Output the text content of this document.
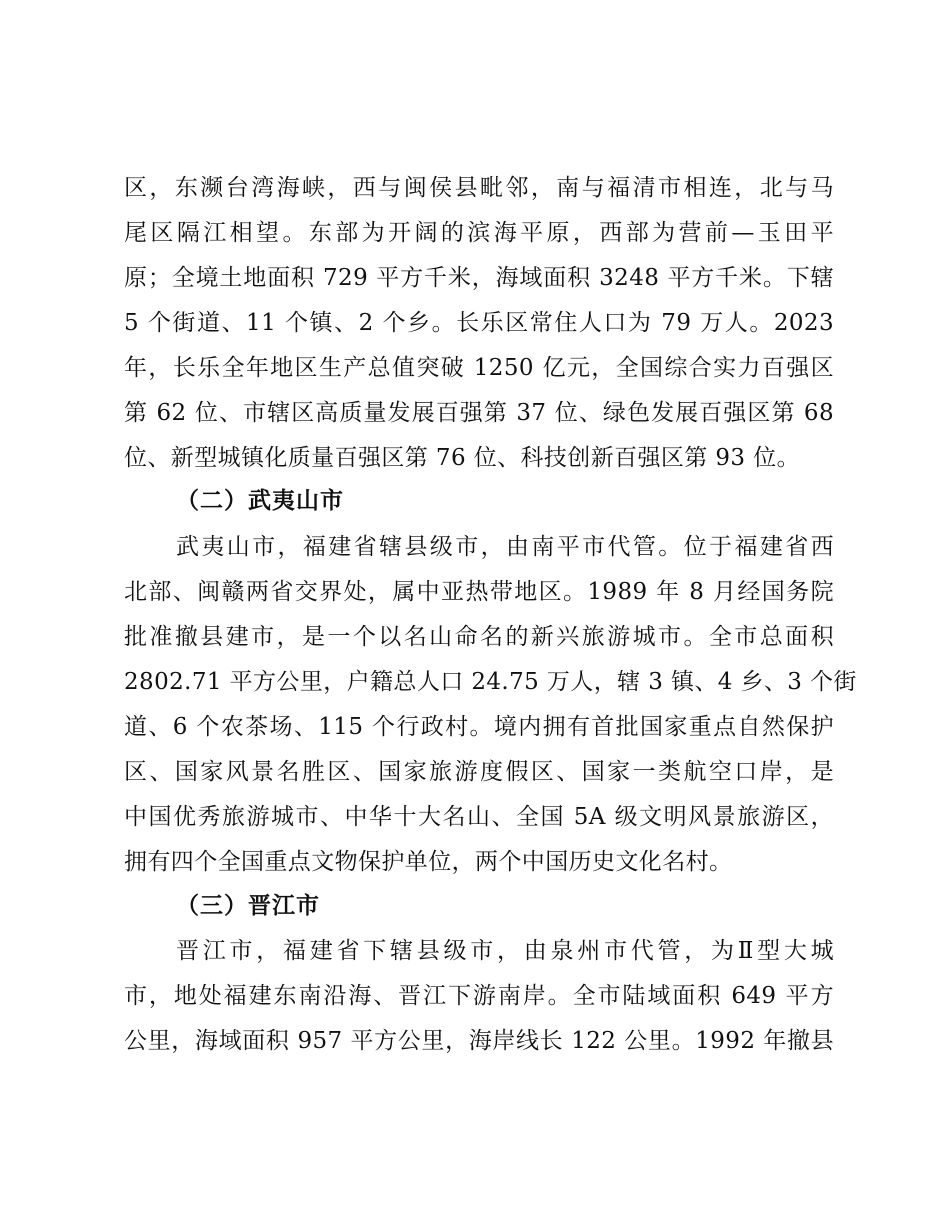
区，东濒台湾海峡，西与闽侯县毗邻，南与福清市相连，北与马
尾区隔江相望。东部为开阔的滨海平原，西部为营前—玉田平
原；全境土地面积 729 平方千米，海域面积 3248 平方千米。下辖
5 个街道、11 个镇、2 个乡。长乐区常住人口为 79 万人。2023
年，长乐全年地区生产总值突破 1250 亿元，全国综合实力百强区
第 62 位、市辖区高质量发展百强第 37 位、绿色发展百强区第 68
位、新型城镇化质量百强区第 76 位、科技创新百强区第 93 位。
（二）武夷山市
武夷山市，福建省辖县级市，由南平市代管。位于福建省西
北部、闽赣两省交界处，属中亚热带地区。1989 年 8 月经国务院
批准撤县建市，是一个以名山命名的新兴旅游城市。全市总面积
2802.71 平方公里，户籍总人口 24.75 万人，辖 3 镇、4 乡、3 个街
道、6 个农茶场、115 个行政村。境内拥有首批国家重点自然保护
区、国家风景名胜区、国家旅游度假区、国家一类航空口岸，是
中国优秀旅游城市、中华十大名山、全国 5A 级文明风景旅游区，
拥有四个全国重点文物保护单位，两个中国历史文化名村。
（三）晋江市
晋江市，福建省下辖县级市，由泉州市代管，为Ⅱ型大城
市，地处福建东南沿海、晋江下游南岸。全市陆域面积 649 平方
公里，海域面积 957 平方公里，海岸线长 122 公里。1992 年撤县
